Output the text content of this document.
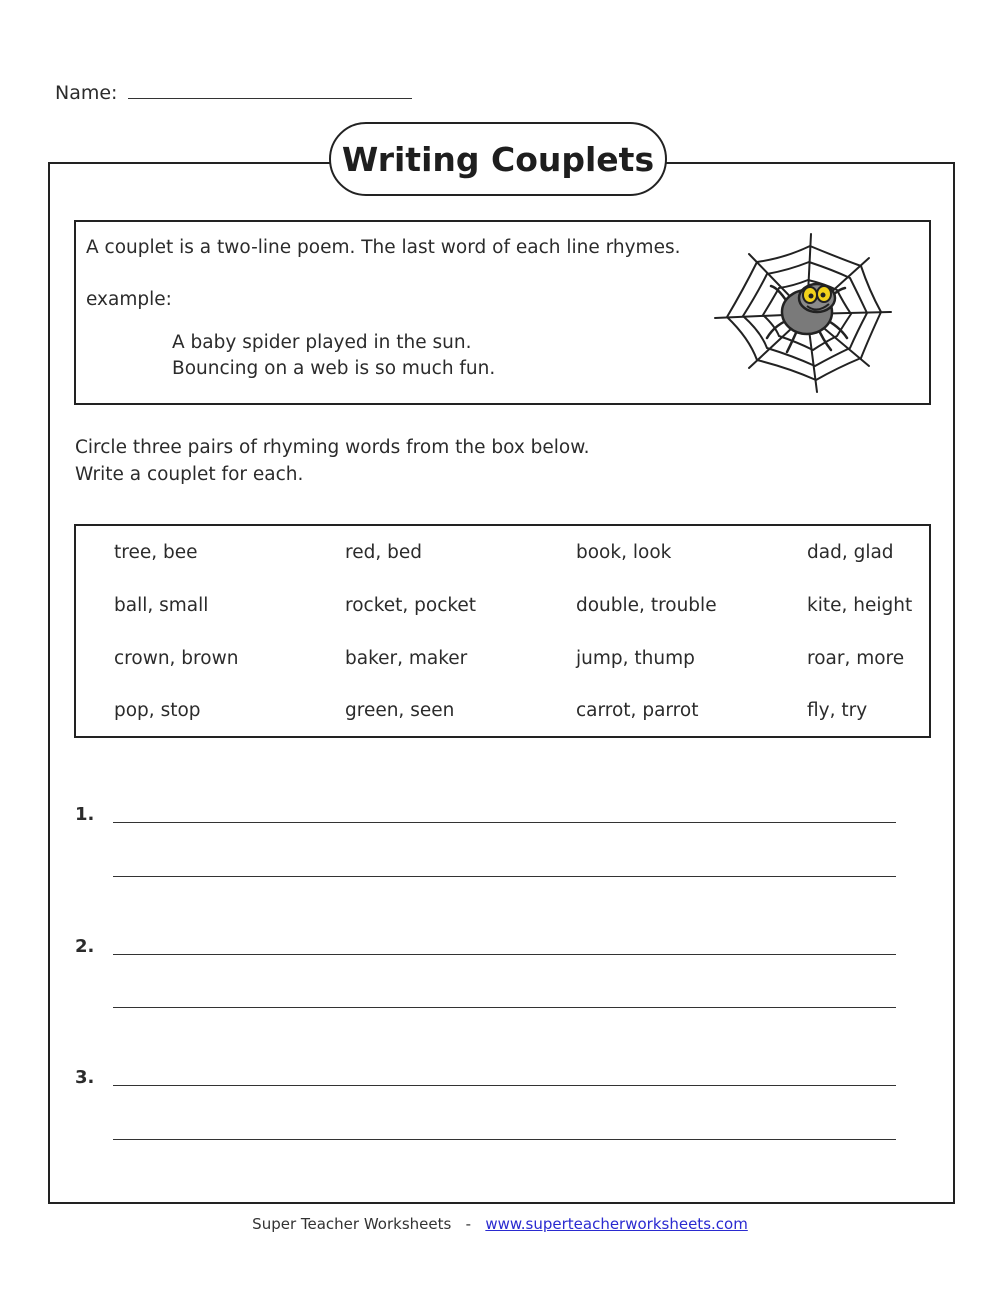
Name:
Writing Couplets
A couplet is a two-line poem. The last word of each line rhymes.
example:
A baby spider played in the sun.
Bouncing on a web is so much fun.
Circle three pairs of rhyming words from the box below.
Write a couplet for each.
tree, bee	red, bed	book, look	dad, glad
ball, small	rocket, pocket	double, trouble	kite, height
crown, brown	baker, maker	jump, thump	roar, more
pop, stop	green, seen	carrot, parrot	fly, try
1.
2.
3.
Super Teacher Worksheets - www.superteacherworksheets.com
